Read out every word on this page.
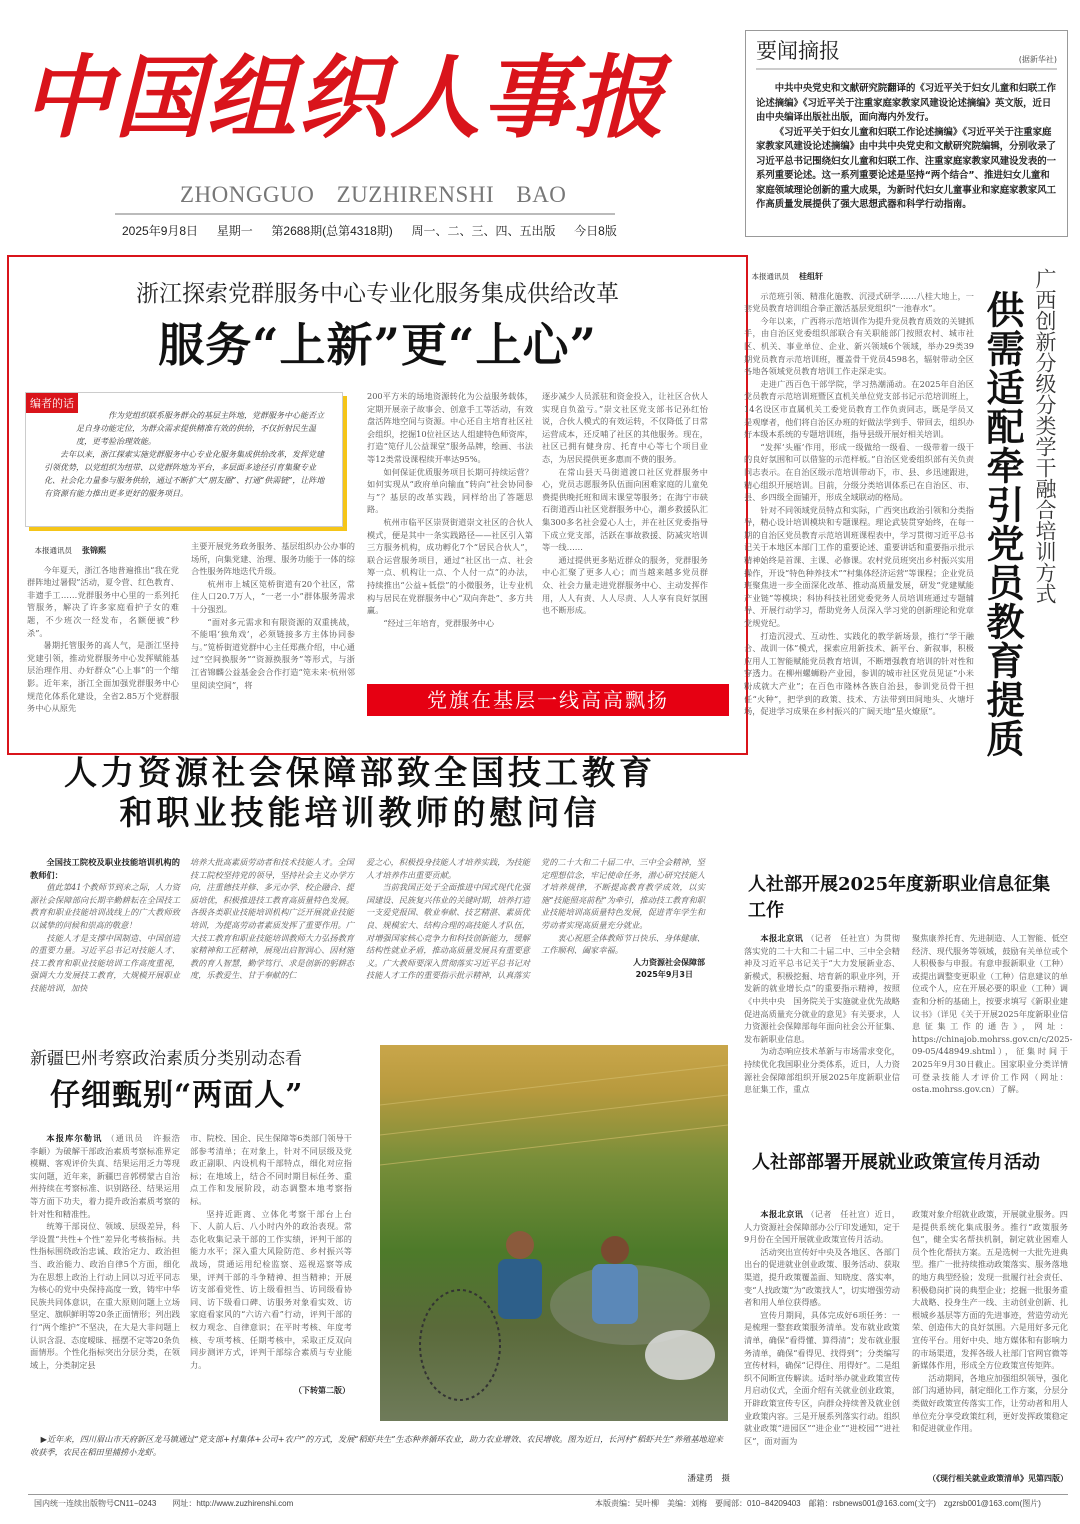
中国组织人事报
ZHONGGUO ZUZHIRENSHI BAO
2025年9月8日 星期一 第2688期(总第4318期) 周一、二、三、四、五出版 今日8版
要闻摘报	(据新华社)

中共中央党史和文献研究院翻译的《习近平关于妇女儿童和妇联工作论述摘编》《习近平关于注重家庭家教家风建设论述摘编》英文版，近日由中央编译出版社出版，面向海内外发行。

《习近平关于妇女儿童和妇联工作论述摘编》《习近平关于注重家庭家教家风建设论述摘编》由中共中央党史和文献研究院编辑，分别收录了习近平总书记围绕妇女儿童和妇联工作、注重家庭家教家风建设发表的一系列重要论述。这一系列重要论述是坚持“两个结合”、推进妇女儿童和家庭领域理论创新的重大成果，为新时代妇女儿童事业和家庭家教家风工作高质量发展提供了强大思想武器和科学行动指南。

浙江探索党群服务中心专业化服务集成供给改革
服务“上新”更“上心”
编者的话

作为党组织联系服务群众的基层主阵地，党群服务中心能否立足自身功能定位，为群众需求提供精准有效的供给，不仅折射民生温度，更考验治理效能。

去年以来，浙江探索实施党群服务中心专业化服务集成供给改革，发挥党建引领优势，以党组织为纽带、以党群阵地为平台，多层面多途径引育集聚专业化、社会化力量参与服务供给，通过不断扩大“朋友圈”、打通“供需链”，让阵地有资源有能力推出更多更好的服务项目。

本报通讯员 张锦熙

今年夏天，浙江各地普遍推出“我在党群阵地过暑假”活动，夏令营、红色教育、非遗手工……党群服务中心里的一系列托管服务，解决了许多家庭看护子女的难题，不少班次一经发布，名额便被“秒杀”。

暑期托管服务的高人气，是浙江坚持党建引领，推动党群服务中心发挥赋能基层治理作用、办好群众“心上事”的一个缩影。近年来，浙江全面加强党群服务中心规范化体系化建设，全省2.85万个党群服务中心从原先

主要开展党务政务服务、基层组织办公办事的场所，向集党建、治理、服务功能于一体的综合性服务阵地迭代升级。

杭州市上城区笕桥街道有20个社区，常住人口20.7万人，“一老一小”群体服务需求十分强烈。

“面对多元需求和有限资源的双重挑战，不能唱‘独角戏’，必须链接多方主体协同参与。”笕桥街道党群中心主任郑燕介绍，中心通过“空间换服务”“资源换服务”等形式，与浙江省锦麟公益基金会合作打造“笕未来·杭州邻里阅读空间”，将

200平方米的场地资源转化为公益服务载体，定期开展亲子故事会、创意手工等活动，有效盘活阵地空间与资源。中心还自主培育社区社会组织，挖掘10位社区达人组建特色师资库，打造“笕仔儿公益课堂”服务品牌，绘画、书法等12类常设课程续开率达95%。

如何保证优质服务项目长期可持续运营？如何实现从“政府单向输血”转向“社会协同参与”？基层的改革实践，同样给出了答题思路。

杭州市临平区崇贤街道崇文社区的合伙人模式，便是其中一条实践路径——社区引入第三方服务机构，成功孵化7个“居民合伙人”，联合运营服务项目，通过“社区出一点、社会筹一点、机构让一点、个人付一点”的办法，持续推出“公益+低偿”的小微服务，让专业机构与居民在党群服务中心“双向奔赴”、多方共赢。

“经过三年培育，党群服务中心

逐步减少人员派驻和资金投入，让社区合伙人实现自负盈亏。”崇文社区党支部书记孙红怡说，合伙人模式的有效运转，不仅降低了日常运营成本，还反哺了社区的其他服务。现在，社区已拥有健身房、托育中心等七个项目业态，为居民提供更多惠而不费的服务。

在常山县天马街道渡口社区党群服务中心，党员志愿服务队伍面向困难家庭的儿童免费提供晚托班和周末课堂等服务；在海宁市硖石街道西山社区党群服务中心，潮乡救援队汇集300多名社会爱心人士，并在社区党委指导下成立党支部，活跃在事故救援、防减灾培训等一线……

通过提供更多贴近群众的服务，党群服务中心汇聚了更多人心；而当越来越多党员群众、社会力量走进党群服务中心、主动发挥作用，人人有责、人人尽责、人人享有良好氛围也不断形成。

党旗在基层一线高高飘扬
本报通讯员 桂组轩

示范班引领、精准化施教、沉浸式研学……八桂大地上，一套党员教育培训组合拳正激活基层党组织“一池春水”。

今年以来，广西将示范培训作为提升党员教育质效的关键抓手，由自治区党委组织部联合有关职能部门按照农村、城市社区、机关、事业单位、企业、新兴领域6个领域，举办29类39期党员教育示范培训班，覆盖骨干党员4598名，辐射带动全区各地各领域党员教育培训工作走深走实。

走进广西百色干部学院，学习热潮涌动。在2025年自治区党员教育示范培训班暨区直机关单位党支部书记示范培训班上，14名设区市直属机关工委党员教育工作负责同志，既是学员又是观摩者，他们将自治区办班的好做法学到手、带回去，组织办好本级本系统的专题培训班，指导县级开展好相关培训。

“发挥‘头雁’作用，形成一级做给一级看、一级带着一级干的良好氛围和可以借鉴的示范样板。”自治区党委组织部有关负责同志表示。在自治区级示范培训带动下，市、县、乡迅速跟进，精心组织开展培训。目前，分级分类培训体系已在自治区、市、县、乡四级全面铺开，形成全域联动的格局。

针对不同领域党员特点和实际，广西突出政治引领和分类指导，精心设计培训模块和专题课程。理论武装贯穿始终，在每一期的自治区党员教育示范培训班课程表中，学习贯彻习近平总书记关于本地区本部门工作的重要论述、重要讲话和重要指示批示精神始终是首课、主课、必修课。农村党员班突出乡村振兴实用操作，开设“特色种养技术”“村集体经济运营”等课程；企业党员班聚焦进一步全面深化改革、推动高质量发展，研发“党建赋能产业链”等模块；科协科技社团党委党务人员培训班通过专题辅导、开展行动学习，帮助党务人员深入学习党的创新理论和党章党规党纪。

打造沉浸式、互动性、实践化的教学新场景，推行“学干融合、战训一体”模式，探索应用新技术、新平台、新叙事，积极应用人工智能赋能党员教育培训，不断增强教育培训的针对性和穿透力。在柳州螺蛳粉产业园，参训的城市社区党员见证“小米粉成就大产业”；在百色市隆林各族自治县，参训党员骨干担任“火种”，把学到的政策、技术、方法带到田间地头、火塘圩场，促进学习成果在乡村振兴的广阔天地“星火燎原”。	供需适配牵引党员教育提质 广西创新分级分类学干融合培训方式
人力资源社会保障部致全国技工教育
和职业技能培训教师的慰问信
全国技工院校及职业技能培训机构的教师们：

值此第41个教师节到来之际，人力资源社会保障部向长期辛勤耕耘在全国技工教育和职业技能培训战线上的广大教师致以诚挚的问候和崇高的敬意！

技能人才是支撑中国制造、中国创造的重要力量。习近平总书记对技能人才、技工教育和职业技能培训工作高度重视，强调大力发展技工教育，大规模开展职业技能培训，加快

培养大批高素质劳动者和技术技能人才。全国技工院校坚持党的领导，坚持社会主义办学方向，注重德技并修、多元办学、校企融合、提质培优，积极推进技工教育高质量特色发展。各级各类职业技能培训机构广泛开展就业技能培训，为提高劳动者素质发挥了重要作用。广大技工教育和职业技能培训教师大力弘扬教育家精神和工匠精神，展现出启智润心、因材施教的育人智慧，勤学笃行、求是创新的躬耕态度，乐教爱生、甘于奉献的仁

爱之心，积极投身技能人才培养实践，为技能人才培养作出重要贡献。

当前我国正处于全面推进中国式现代化强国建设、民族复兴伟业的关键时期，培养打造一支爱党报国、敬业奉献、技艺精湛、素质优良、规模宏大、结构合理的高技能人才队伍，对增强国家核心竞争力和科技创新能力，缓解结构性就业矛盾，推动高质量发展具有重要意义。广大教师要深入贯彻落实习近平总书记对技能人才工作的重要指示批示精神，认真落实

党的二十大和二十届二中、三中全会精神，坚定理想信念，牢记使命任务，潜心研究技能人才培养规律，不断提高教育教学成效，以实施“技能照亮前程”为牵引，推动技工教育和职业技能培训高质量特色发展，促进青年学生和劳动者实现高质量充分就业。

衷心祝愿全体教师节日快乐、身体健康、工作顺利、阖家幸福。

人力资源社会保障部
2025年9月3日
人社部开展2025年度新职业信息征集工作

本报北京讯 （记者　任社宣）为贯彻落实党的二十大和二十届二中、三中全会精神及习近平总书记关于“大力发展新业态、新模式，积极挖掘、培育新的职业序列，开发新的就业增长点”的重要指示精神，按照《中共中央　国务院关于实施就业优先战略促进高质量充分就业的意见》有关要求，人力资源社会保障部每年面向社会公开征集、发布新职业信息。

为动态响应技术革新与市场需求变化，持续优化我国职业分类体系，近日，人力资源社会保障部组织开展2025年度新职业信息征集工作，重点

聚焦康养托育、先进制造、人工智能、低空经济、现代服务等领域，鼓励有关单位或个人积极参与申报。有意申报新职业（工种）或提出调整变更职业（工种）信息建议的单位或个人，应在开展必要的职业（工种）调查和分析的基础上，按要求填写《新职业建议书》（详见《关于开展2025年度新职业信息征集工作的通告》，网址：https://chinajob.mohrss.gov.cn/c/2025-09-05/448949.shtml），征集时间于2025年9月30日截止。国家职业分类详情可登录技能人才评价工作网（网址：osta.mohrss.gov.cn）了解。

人社部部署开展就业政策宣传月活动

本报北京讯 （记者　任社宣）近日，人力资源社会保障部办公厅印发通知，定于9月份在全国开展就业政策宣传月活动。

活动突出宣传好中央及各地区、各部门出台的促进就业创业政策、服务活动、获取渠道，提升政策覆盖面、知晓度、落实率，变“人找政策”为“政策找人”，切实增强劳动者和用人单位获得感。

宣传月期间，具体完成好6项任务：一是梳理一整套政策服务清单。发布就业政策清单，确保“看得懂、算得清”；发布就业服务清单，确保“看得见、找得到”；分类编写宣传材料，确保“记得住、用得好”。二是组织不间断宣传解读。适时举办就业政策宣传月启动仪式，全面介绍有关就业创业政策，开辟政策宣传专区，向群众持续普及就业创业政策内容。三是开展系列落实行动。组织就业政策“进园区”“进企业”“进校园”“进社区”，面对面为

政策对象介绍就业政策，开展就业服务。四是提供系统化集成服务。推行“政策服务包”，健全实名帮扶机制，制定就业困难人员个性化帮扶方案。五是选树一大批先进典型。推广一批持续推动政策落实、服务落地的地方典型经验；发现一批履行社会责任、积极稳岗扩岗的典型企业；挖掘一批服务重大战略、投身生产一线、主动创业创新、扎根城乡基层等方面的先进事迹，营造劳动光荣、创造伟大的良好氛围。六是用好多元化宣传平台。用好中央、地方媒体和有影响力的市场渠道，发挥各级人社部门官网官微等新媒体作用，形成全方位政策宣传矩阵。

活动期间，各地应加强组织领导，强化部门沟通协同，制定细化工作方案，分层分类做好政策宣传落实工作，让劳动者和用人单位充分享受政策红利，更好发挥政策稳定和促进就业作用。

（《现行相关就业政策清单》见第四版）
新疆巴州考察政治素质分类别动态看
仔细甄别“两面人”

本报库尔勒讯 （通讯员　许振浩　李頔）为破解干部政治素质考察标准界定模糊、客观评价失真、结果运用乏力等现实问题，近年来，新疆巴音郭楞蒙古自治州持续在考察标准、识别路径、结果运用等方面下功夫，着力提升政治素质考察的针对性和精准性。

统筹干部岗位、领域、层级差异，科学设置“共性+个性”差异化考核指标。共性指标围绕政治忠诚、政治定力、政治担当、政治能力、政治自律5个方面，细化为在思想上政治上行动上同以习近平同志为核心的党中央保持高度一致，铸牢中华民族共同体意识，在重大原则问题上立场坚定、旗帜鲜明等20条正面情形；列出践行“两个维护”不坚决，在大是大非问题上认识含混、态度暧昧、摇摆不定等20条负面情形。个性化指标突出分层分类，在领域上，分类制定县

市、院校、国企、民生保障等6类部门领导干部参考清单；在对象上，针对不同层级及党政正副职、内设机构干部特点，细化对应指标；在地域上，结合不同时期目标任务、重点工作和发展阶段，动态调整本地考察指标。

坚持近距离、立体化考察干部台上台下、人前人后、八小时内外的政治表现。常态化收集记录干部的工作实绩，评判干部的能力水平；深入重大风险防范、乡村振兴等战场，贯通运用纪检监察、巡视巡察等成果，评判干部的斗争精神、担当精神；开展访支部看党性、访上级看担当、访同级看协同、访下级看口碑、访服务对象看实效、访家庭看家风的“六访六看”行动，评判干部的权力观念、自律意识；在平时考核、年度考核、专项考核、任期考核中，采取正反双向同步测评方式，评判干部综合素质与专业能力。

（下转第二版）
▶近年来，四川眉山市天府新区龙马镇通过“党支部+村集体+公司+农户”的方式，发展“稻虾共生”生态种养循环农业，助力农业增效、农民增收。图为近日，长河村“稻虾共生”养殖基地迎来收获季，农民在稻田里捕捞小龙虾。
潘建勇　摄
国内统一连续出版物号CN11−0243　　网址：http://www.zuzhirenshi.com	本版责编：吴叶柳　美编：刘梅　要闻部：010−84209403　邮箱：rsbnews001@163.com(文字)　zgzrsb001@163.com(图片)
